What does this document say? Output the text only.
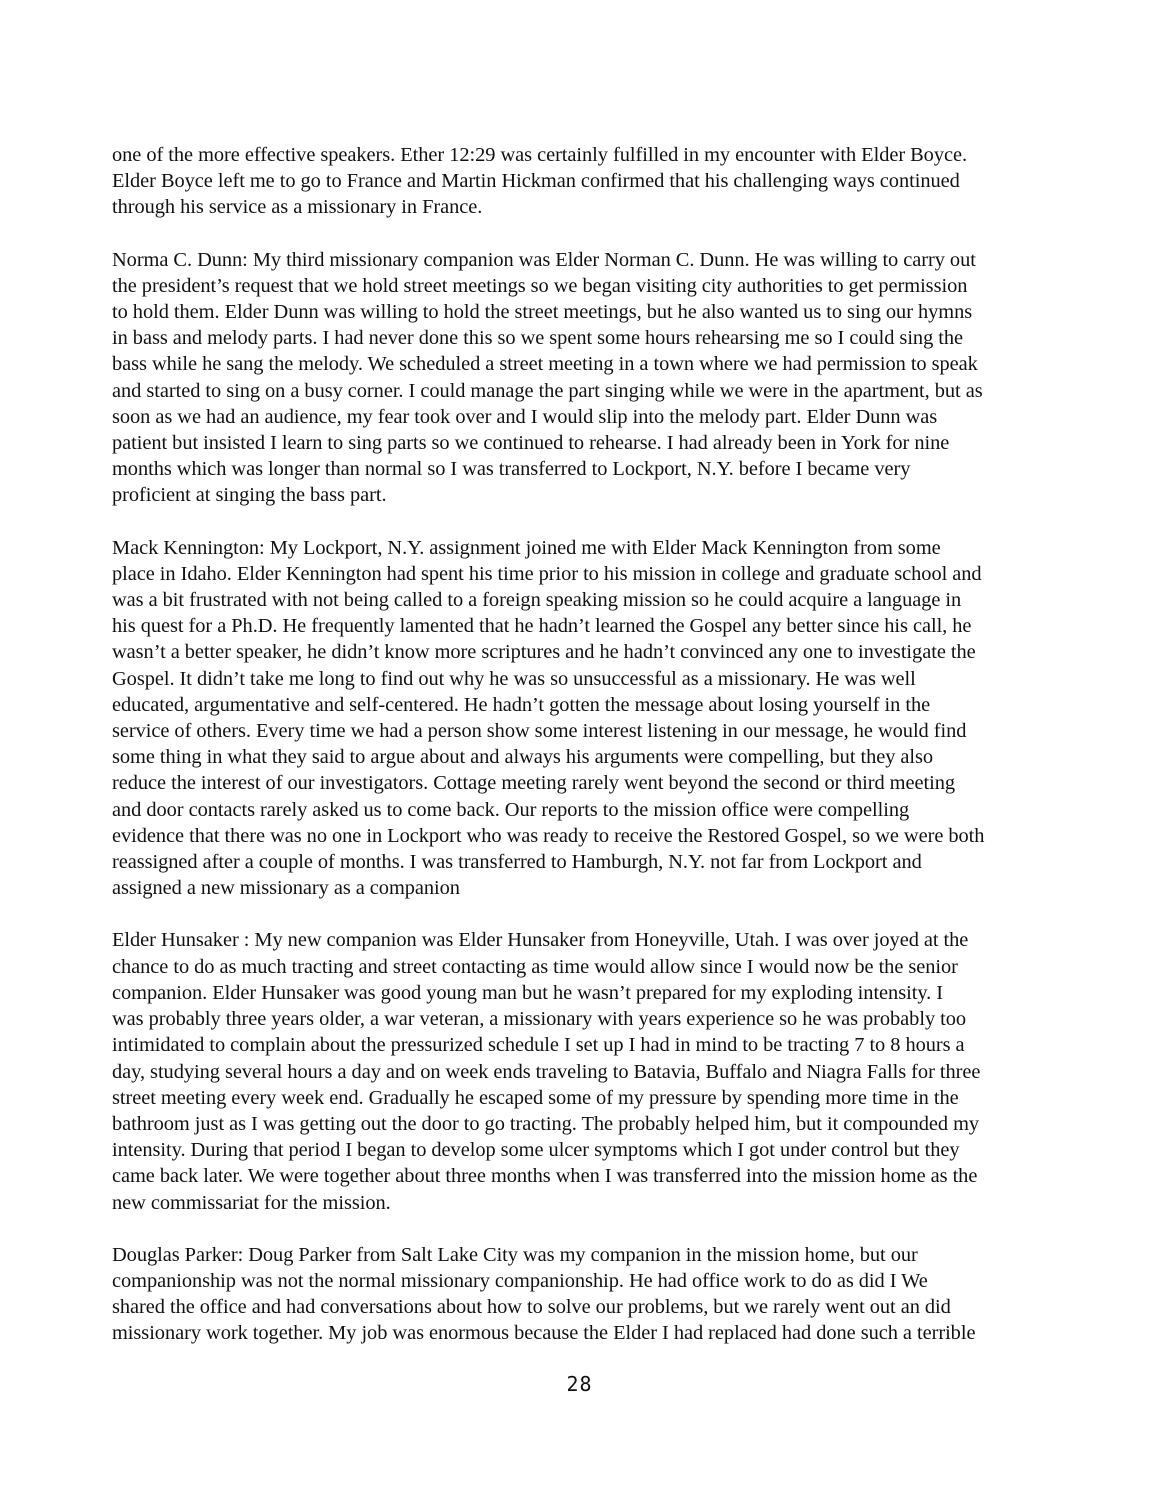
one of the more effective speakers. Ether 12:29 was certainly fulfilled in my encounter with Elder Boyce.
Elder Boyce left me to go to France and Martin Hickman confirmed that his challenging ways continued
through his service as a missionary in France.

Norma C. Dunn: My third missionary companion was Elder Norman C. Dunn. He was willing to carry out
the president’s request that we hold street meetings so we began visiting city authorities to get permission
to hold them. Elder Dunn was willing to hold the street meetings, but he also wanted us to sing our hymns
in bass and melody parts. I had never done this so we spent some hours rehearsing me so I could sing the
bass while he sang the melody. We scheduled a street meeting in a town where we had permission to speak
and started to sing on a busy corner. I could manage the part singing while we were in the apartment, but as
soon as we had an audience, my fear took over and I would slip into the melody part. Elder Dunn was
patient but insisted I learn to sing parts so we continued to rehearse. I had already been in York for nine
months which was longer than normal so I was transferred to Lockport, N.Y. before I became very
proficient at singing the bass part.

Mack Kennington: My Lockport, N.Y. assignment joined me with Elder Mack Kennington from some
place in Idaho. Elder Kennington had spent his time prior to his mission in college and graduate school and
was a bit frustrated with not being called to a foreign speaking mission so he could acquire a language in
his quest for a Ph.D. He frequently lamented that he hadn’t learned the Gospel any better since his call, he
wasn’t a better speaker, he didn’t know more scriptures and he hadn’t convinced any one to investigate the
Gospel. It didn’t take me long to find out why he was so unsuccessful as a missionary. He was well
educated, argumentative and self-centered. He hadn’t gotten the message about losing yourself in the
service of others. Every time we had a person show some interest listening in our message, he would find
some thing in what they said to argue about and always his arguments were compelling, but they also
reduce the interest of our investigators. Cottage meeting rarely went beyond the second or third meeting
and door contacts rarely asked us to come back. Our reports to the mission office were compelling
evidence that there was no one in Lockport who was ready to receive the Restored Gospel, so we were both
reassigned after a couple of months. I was transferred to Hamburgh, N.Y. not far from Lockport and
assigned a new missionary as a companion

Elder Hunsaker : My new companion was Elder Hunsaker from Honeyville, Utah. I was over joyed at the
chance to do as much tracting and street contacting as time would allow since I would now be the senior
companion. Elder Hunsaker was good young man but he wasn’t prepared for my exploding intensity. I
was probably three years older, a war veteran, a missionary with years experience so he was probably too
intimidated to complain about the pressurized schedule I set up I had in mind to be tracting 7 to 8 hours a
day, studying several hours a day and on week ends traveling to Batavia, Buffalo and Niagra Falls for three
street meeting every week end. Gradually he escaped some of my pressure by spending more time in the
bathroom just as I was getting out the door to go tracting. The probably helped him, but it compounded my
intensity. During that period I began to develop some ulcer symptoms which I got under control but they
came back later. We were together about three months when I was transferred into the mission home as the
new commissariat for the mission.

Douglas Parker: Doug Parker from Salt Lake City was my companion in the mission home, but our
companionship was not the normal missionary companionship. He had office work to do as did I We
shared the office and had conversations about how to solve our problems, but we rarely went out an did
missionary work together. My job was enormous because the Elder I had replaced had done such a terrible

28
